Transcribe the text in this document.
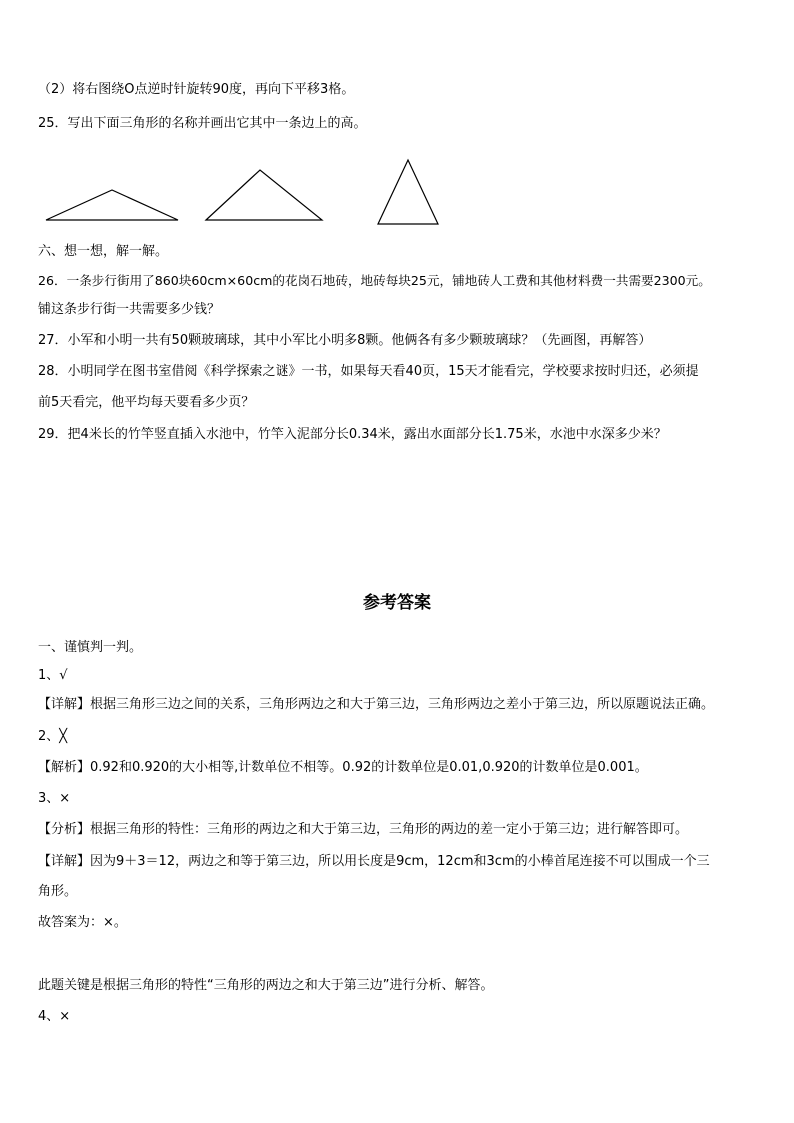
（2）将右图绕O点逆时针旋转90度，再向下平移3格。
25．写出下面三角形的名称并画出它其中一条边上的高。
六、想一想，解一解。
26．一条步行街用了860块60cm×60cm的花岗石地砖，地砖每块25元，铺地砖人工费和其他材料费一共需要2300元。
铺这条步行街一共需要多少钱？
27．小军和小明一共有50颗玻璃球，其中小军比小明多8颗。他俩各有多少颗玻璃球？（先画图，再解答）
28．小明同学在图书室借阅《科学探索之谜》一书，如果每天看40页，15天才能看完，学校要求按时归还，必须提
前5天看完，他平均每天要看多少页？
29．把4米长的竹竿竖直插入水池中，竹竿入泥部分长0.34米，露出水面部分长1.75米，水池中水深多少米？
参考答案
一、谨慎判一判。
1、√
【详解】根据三角形三边之间的关系，三角形两边之和大于第三边，三角形两边之差小于第三边，所以原题说法正确。
2、╳
【解析】0.92和0.920的大小相等,计数单位不相等。0.92的计数单位是0.01,0.920的计数单位是0.001。
3、×
【分析】根据三角形的特性：三角形的两边之和大于第三边，三角形的两边的差一定小于第三边；进行解答即可。
【详解】因为9＋3＝12，两边之和等于第三边，所以用长度是9cm，12cm和3cm的小棒首尾连接不可以围成一个三
角形。
故答案为：×。
此题关键是根据三角形的特性“三角形的两边之和大于第三边”进行分析、解答。
4、×
